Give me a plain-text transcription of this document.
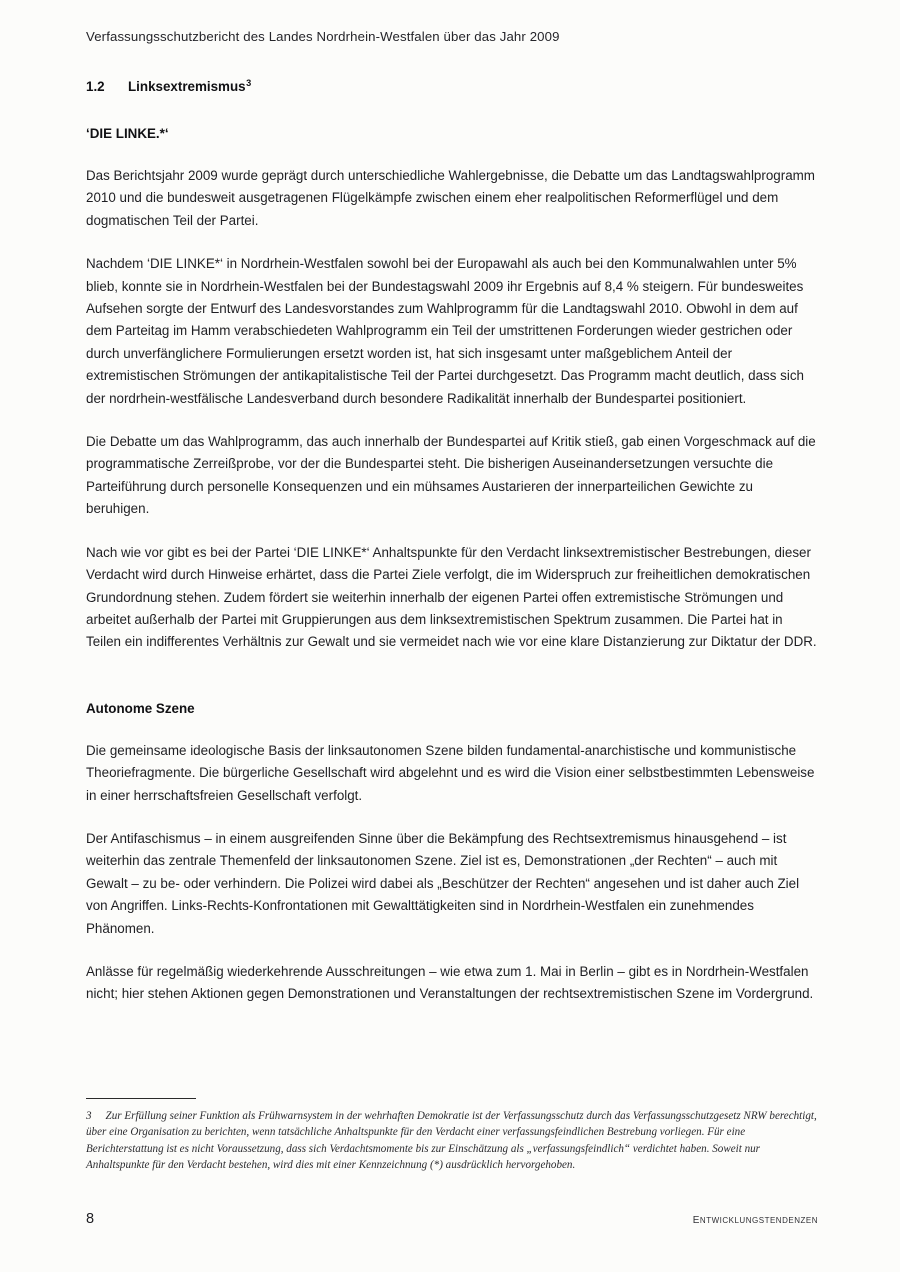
Verfassungsschutzbericht des Landes Nordrhein-Westfalen über das Jahr 2009
1.2	Linksextremismus$^3$
‘DIE LINKE.*‘

Das Berichtsjahr 2009 wurde geprägt durch unterschiedliche Wahlergebnisse, die Debatte um das Landtagswahlprogramm 2010 und die bundesweit ausgetragenen Flügelkämpfe zwischen einem eher realpolitischen Reformerflügel und dem dogmatischen Teil der Partei.

Nachdem ‘DIE LINKE*‘ in Nordrhein-Westfalen sowohl bei der Europawahl als auch bei den Kommunalwahlen unter 5% blieb, konnte sie in Nordrhein-Westfalen bei der Bundestagswahl 2009 ihr Ergebnis auf 8,4 % steigern. Für bundesweites Aufsehen sorgte der Entwurf des Landesvorstandes zum Wahlprogramm für die Landtagswahl 2010. Obwohl in dem auf dem Parteitag im Hamm verabschiedeten Wahlprogramm ein Teil der umstrittenen Forderungen wieder gestrichen oder durch unverfänglichere Formulierungen ersetzt worden ist, hat sich insgesamt unter maßgeblichem Anteil der extremistischen Strömungen der antikapitalistische Teil der Partei durchgesetzt. Das Programm macht deutlich, dass sich der nordrhein-westfälische Landesverband durch besondere Radikalität innerhalb der Bundespartei positioniert.

Die Debatte um das Wahlprogramm, das auch innerhalb der Bundespartei auf Kritik stieß, gab einen Vorgeschmack auf die programmatische Zerreißprobe, vor der die Bundespartei steht. Die bisherigen Auseinandersetzungen versuchte die Parteiführung durch personelle Konsequenzen und ein mühsames Austarieren der innerparteilichen Gewichte zu beruhigen.

Nach wie vor gibt es bei der Partei ‘DIE LINKE*‘ Anhaltspunkte für den Verdacht linksextremistischer Bestrebungen, dieser Verdacht wird durch Hinweise erhärtet, dass die Partei Ziele verfolgt, die im Widerspruch zur freiheitlichen demokratischen Grundordnung stehen. Zudem fördert sie weiterhin innerhalb der eigenen Partei offen extremistische Strömungen und arbeitet außerhalb der Partei mit Gruppierungen aus dem linksextremistischen Spektrum zusammen. Die Partei hat in Teilen ein indifferentes Verhältnis zur Gewalt und sie vermeidet nach wie vor eine klare Distanzierung zur Diktatur der DDR.

Autonome Szene

Die gemeinsame ideologische Basis der linksautonomen Szene bilden fundamental-anarchistische und kommunistische Theoriefragmente. Die bürgerliche Gesellschaft wird abgelehnt und es wird die Vision einer selbstbestimmten Lebensweise in einer herrschaftsfreien Gesellschaft verfolgt.

Der Antifaschismus – in einem ausgreifenden Sinne über die Bekämpfung des Rechtsextremismus hinausgehend – ist weiterhin das zentrale Themenfeld der linksautonomen Szene. Ziel ist es, Demonstrationen „der Rechten“ – auch mit Gewalt – zu be- oder verhindern. Die Polizei wird dabei als „Beschützer der Rechten“ angesehen und ist daher auch Ziel von Angriffen. Links-Rechts-Konfrontationen mit Gewalttätigkeiten sind in Nordrhein-Westfalen ein zunehmendes Phänomen.

Anlässe für regelmäßig wiederkehrende Ausschreitungen – wie etwa zum 1. Mai in Berlin – gibt es in Nordrhein-Westfalen nicht; hier stehen Aktionen gegen Demonstrationen und Veranstaltungen der rechtsextremistischen Szene im Vordergrund.

3 Zur Erfüllung seiner Funktion als Frühwarnsystem in der wehrhaften Demokratie ist der Verfassungsschutz durch das Verfassungsschutzgesetz NRW berechtigt, über eine Organisation zu berichten, wenn tatsächliche Anhaltspunkte für den Verdacht einer verfassungsfeindlichen Bestrebung vorliegen. Für eine Berichterstattung ist es nicht Voraussetzung, dass sich Verdachtsmomente bis zur Einschätzung als „verfassungsfeindlich“ verdichtet haben. Soweit nur Anhaltspunkte für den Verdacht bestehen, wird dies mit einer Kennzeichnung (*) ausdrücklich hervorgehoben.
8	entwicklungstendenzen
